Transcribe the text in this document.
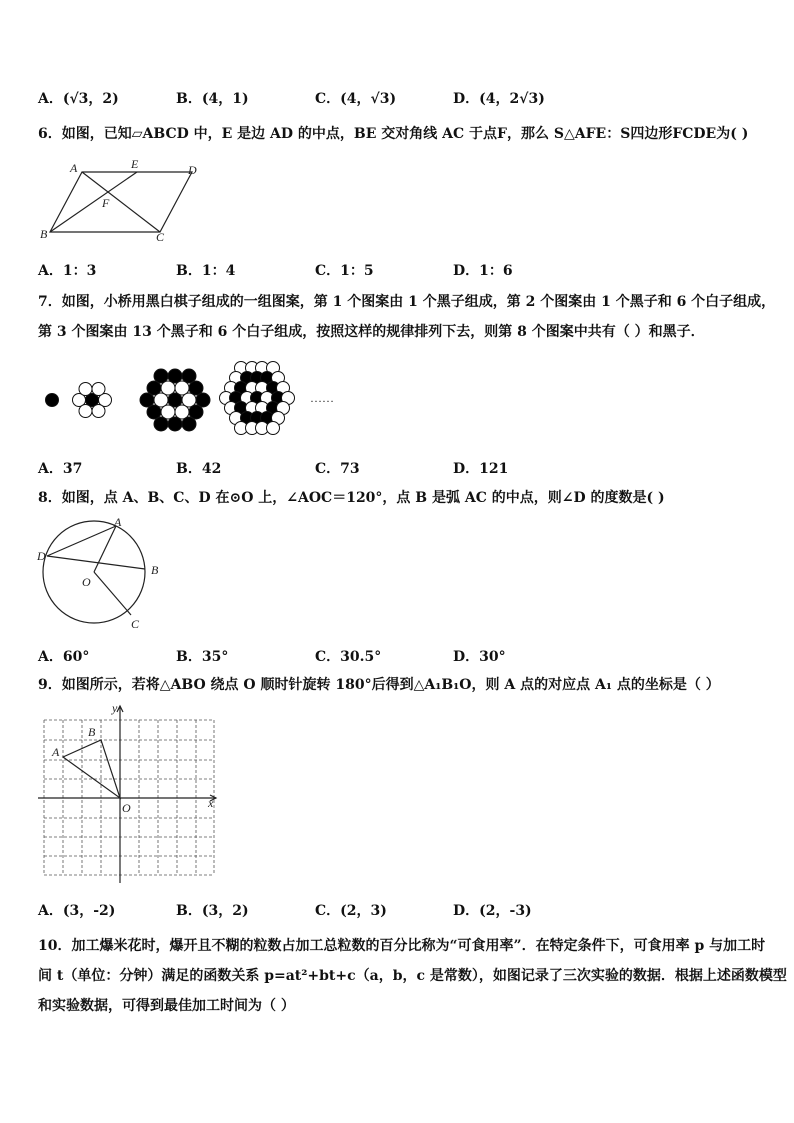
A．(√3，2)	B．(4，1)	C．(4，√3)	D．(4，2√3)
6．如图，已知▱ABCD 中，E 是边 AD 的中点，BE 交对角线 AC 于点F，那么 S△AFE：S四边形FCDE为( )
A	E	D
F
B	C
A．1：3	B．1：4	C．1：5	D．1：6
7．如图，小桥用黑白棋子组成的一组图案，第 1 个图案由 1 个黑子组成，第 2 个图案由 1 个黑子和 6 个白子组成，
第 3 个图案由 13 个黑子和 6 个白子组成，按照这样的规律排列下去，则第 8 个图案中共有（ ）和黑子．
……
A．37	B．42	C．73	D．121
8．如图，点 A、B、C、D 在⊙O 上，∠AOC＝120°，点 B 是弧 AC 的中点，则∠D 的度数是( )
A
B
C
D
O
A．60°	B．35°	C．30.5°	D．30°
9．如图所示，若将△ABO 绕点 O 顺时针旋转 180°后得到△A₁B₁O，则 A 点的对应点 A₁ 点的坐标是（ ）
A
B
O	x
y
A．(3，-2)	B．(3，2)	C．(2，3)	D．(2，-3)
10．加工爆米花时，爆开且不糊的粒数占加工总粒数的百分比称为“可食用率”．在特定条件下，可食用率 p 与加工时
间 t（单位：分钟）满足的函数关系 p=at²+bt+c（a，b，c 是常数），如图记录了三次实验的数据．根据上述函数模型
和实验数据，可得到最佳加工时间为（ ）
